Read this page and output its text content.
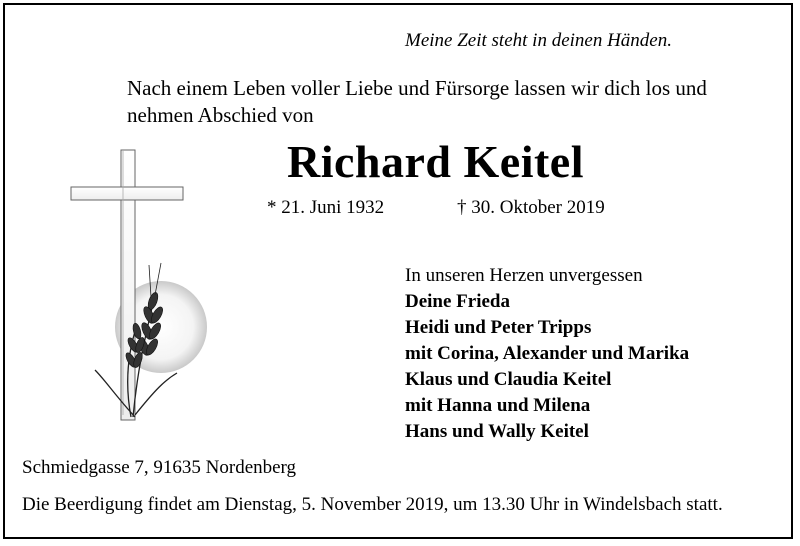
Meine Zeit steht in deinen Händen.
Nach einem Leben voller Liebe und Fürsorge lassen wir dich los und
nehmen Abschied von
Richard Keitel
* 21. Juni 1932	† 30. Oktober 2019
In unseren Herzen unvergessen
Deine Frieda
Heidi und Peter Tripps
mit Corina, Alexander und Marika
Klaus und Claudia Keitel
mit Hanna und Milena
Hans und Wally Keitel
Schmiedgasse 7, 91635 Nordenberg
Die Beerdigung findet am Dienstag, 5. November 2019, um 13.30 Uhr in Windelsbach statt.
